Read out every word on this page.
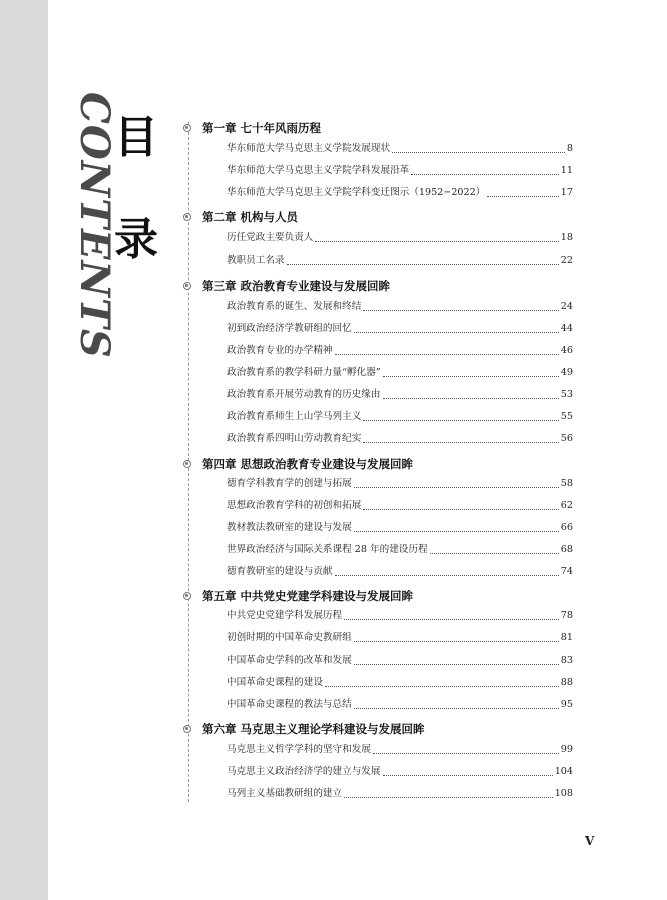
CONTENTS
目
录
第一章 七十年风雨历程
华东师范大学马克思主义学院发展现状	8
华东师范大学马克思主义学院学科发展沿革	11
华东师范大学马克思主义学院学科变迁图示（1952−2022）	17
第二章 机构与人员
历任党政主要负责人	18
教职员工名录	22
第三章 政治教育专业建设与发展回眸
政治教育系的诞生、发展和终结	24
初到政治经济学教研组的回忆	44
政治教育专业的办学精神	46
政治教育系的教学科研力量“孵化器”	49
政治教育系开展劳动教育的历史缘由	53
政治教育系师生上山学马列主义	55
政治教育系四明山劳动教育纪实	56
第四章 思想政治教育专业建设与发展回眸
德育学科教育学的创建与拓展	58
思想政治教育学科的初创和拓展	62
教材教法教研室的建设与发展	66
世界政治经济与国际关系课程 28 年的建设历程	68
德育教研室的建设与贡献	74
第五章 中共党史党建学科建设与发展回眸
中共党史党建学科发展历程	78
初创时期的中国革命史教研组	81
中国革命史学科的改革和发展	83
中国革命史课程的建设	88
中国革命史课程的教法与总结	95
第六章 马克思主义理论学科建设与发展回眸
马克思主义哲学学科的坚守和发展	99
马克思主义政治经济学的建立与发展	104
马列主义基础教研组的建立	108
V
